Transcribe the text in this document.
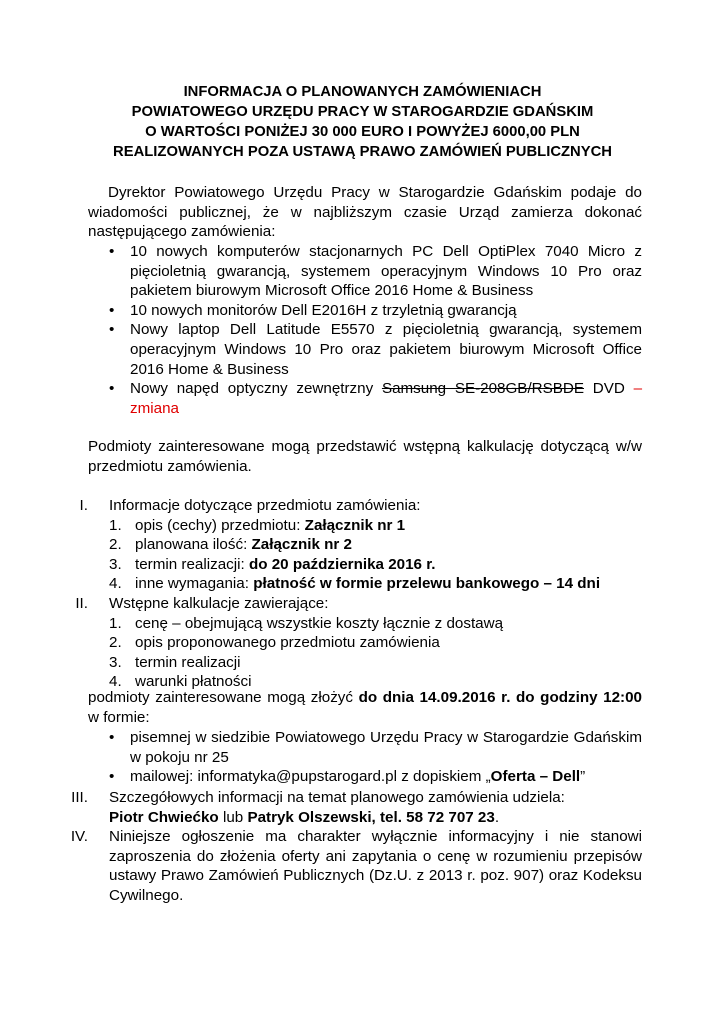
INFORMACJA O PLANOWANYCH ZAMÓWIENIACH
POWIATOWEGO URZĘDU PRACY W STAROGARDZIE GDAŃSKIM
O WARTOŚCI PONIŻEJ 30 000 EURO I POWYŻEJ 6000,00 PLN
REALIZOWANYCH POZA USTAWĄ PRAWO ZAMÓWIEŃ PUBLICZNYCH
Dyrektor Powiatowego Urzędu Pracy w Starogardzie Gdańskim podaje do wiadomości publicznej, że w najbliższym czasie Urząd zamierza dokonać następującego zamówienia:
• 10 nowych komputerów stacjonarnych PC Dell OptiPlex 7040 Micro z pięcioletnią gwarancją, systemem operacyjnym Windows 10 Pro oraz pakietem biurowym Microsoft Office 2016 Home & Business
• 10 nowych monitorów Dell E2016H z trzyletnią gwarancją
• Nowy laptop Dell Latitude E5570 z pięcioletnią gwarancją, systemem operacyjnym Windows 10 Pro oraz pakietem biurowym Microsoft Office 2016 Home & Business
• Nowy napęd optyczny zewnętrzny Samsung SE-208GB/RSBDE DVD – zmiana
Podmioty zainteresowane mogą przedstawić wstępną kalkulację dotyczącą w/w przedmiotu zamówienia.
I. Informacje dotyczące przedmiotu zamówienia:
1. opis (cechy) przedmiotu: Załącznik nr 1
2. planowana ilość: Załącznik nr 2
3. termin realizacji: do 20 października 2016 r.
4. inne wymagania: płatność w formie przelewu bankowego – 14 dni
II. Wstępne kalkulacje zawierające:
1. cenę – obejmującą wszystkie koszty łącznie z dostawą
2. opis proponowanego przedmiotu zamówienia
3. termin realizacji
4. warunki płatności
podmioty zainteresowane mogą złożyć do dnia 14.09.2016 r. do godziny 12:00 w formie:
• pisemnej w siedzibie Powiatowego Urzędu Pracy w Starogardzie Gdańskim w pokoju nr 25
• mailowej: informatyka@pupstarogard.pl z dopiskiem „Oferta – Dell”
III. Szczegółowych informacji na temat planowego zamówienia udziela:
Piotr Chwiećko lub Patryk Olszewski, tel. 58 72 707 23.
IV. Niniejsze ogłoszenie ma charakter wyłącznie informacyjny i nie stanowi zaproszenia do złożenia oferty ani zapytania o cenę w rozumieniu przepisów ustawy Prawo Zamówień Publicznych (Dz.U. z 2013 r. poz. 907) oraz Kodeksu Cywilnego.
